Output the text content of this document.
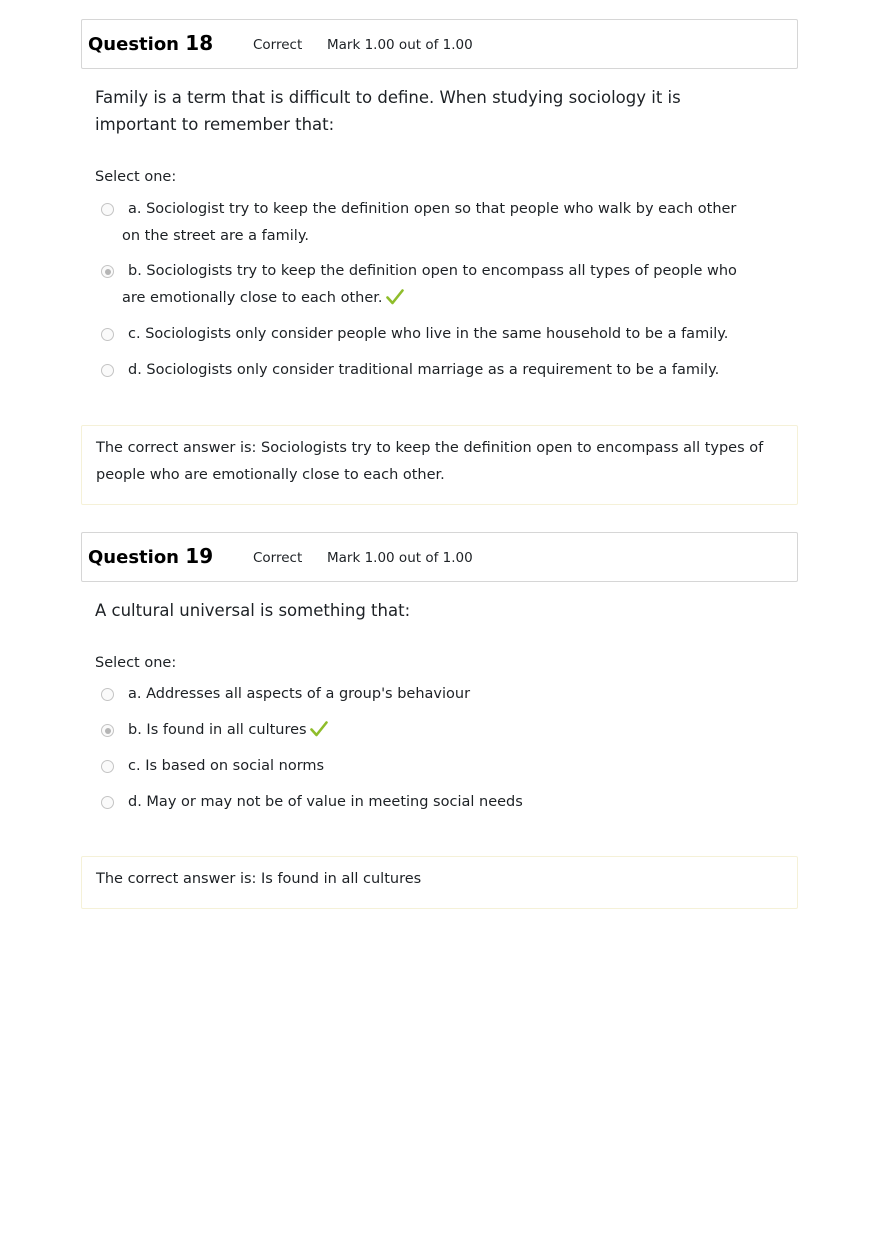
Question 18	Correct Mark 1.00 out of 1.00
Family is a term that is difficult to define. When studying sociology it is important to remember that:
Select one:
a. Sociologist try to keep the definition open so that people who walk by each other on the street are a family.
b. Sociologists try to keep the definition open to encompass all types of people who are emotionally close to each other.
c. Sociologists only consider people who live in the same household to be a family.
d. Sociologists only consider traditional marriage as a requirement to be a family.
The correct answer is: Sociologists try to keep the definition open to encompass all types of people who are emotionally close to each other.
Question 19	Correct Mark 1.00 out of 1.00
A cultural universal is something that:
Select one:
a. Addresses all aspects of a group's behaviour
b. Is found in all cultures
c. Is based on social norms
d. May or may not be of value in meeting social needs
The correct answer is: Is found in all cultures
